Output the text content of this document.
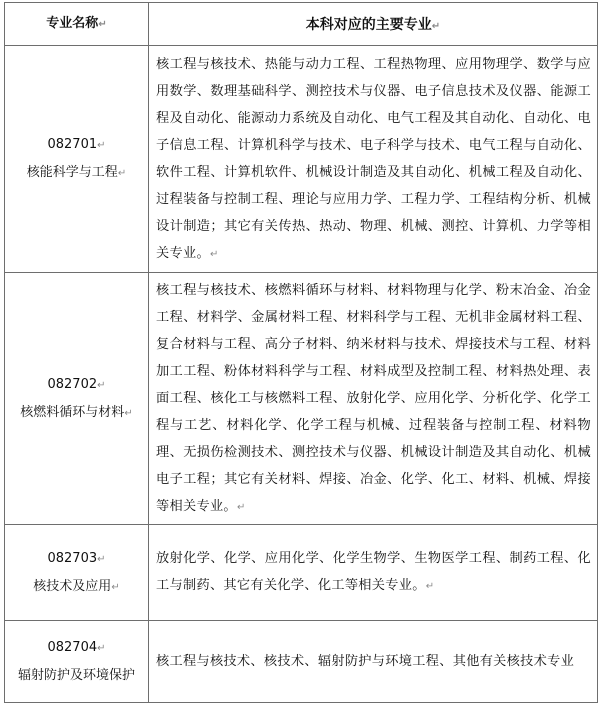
专业名称↵	本科对应的主要专业↵

082701↵
核能科学与工程↵	核工程与核技术、热能与动力工程、工程热物理、应用物理学、数学与应用数学、数理基础科学、测控技术与仪器、电子信息技术及仪器、能源工程及自动化、能源动力系统及自动化、电气工程及其自动化、自动化、电子信息工程、计算机科学与技术、电子科学与技术、电气工程与自动化、软件工程、计算机软件、机械设计制造及其自动化、机械工程及自动化、过程装备与控制工程、理论与应用力学、工程力学、工程结构分析、机械设计制造；其它有关传热、热动、物理、机械、测控、计算机、力学等相关专业。↵

082702↵
核燃料循环与材料↵	核工程与核技术、核燃料循环与材料、材料物理与化学、粉末冶金、冶金工程、材料学、金属材料工程、材料科学与工程、无机非金属材料工程、复合材料与工程、高分子材料、纳米材料与技术、焊接技术与工程、材料加工工程、粉体材料科学与工程、材料成型及控制工程、材料热处理、表面工程、核化工与核燃料工程、放射化学、应用化学、分析化学、化学工程与工艺、材料化学、化学工程与机械、过程装备与控制工程、材料物理、无损伤检测技术、测控技术与仪器、机械设计制造及其自动化、机械电子工程；其它有关材料、焊接、冶金、化学、化工、材料、机械、焊接等相关专业。↵

082703↵
核技术及应用↵	放射化学、化学、应用化学、化学生物学、生物医学工程、制药工程、化工与制药、其它有关化学、化工等相关专业。↵

082704↵
辐射防护及环境保护	核工程与核技术、核技术、辐射防护与环境工程、其他有关核技术专业
